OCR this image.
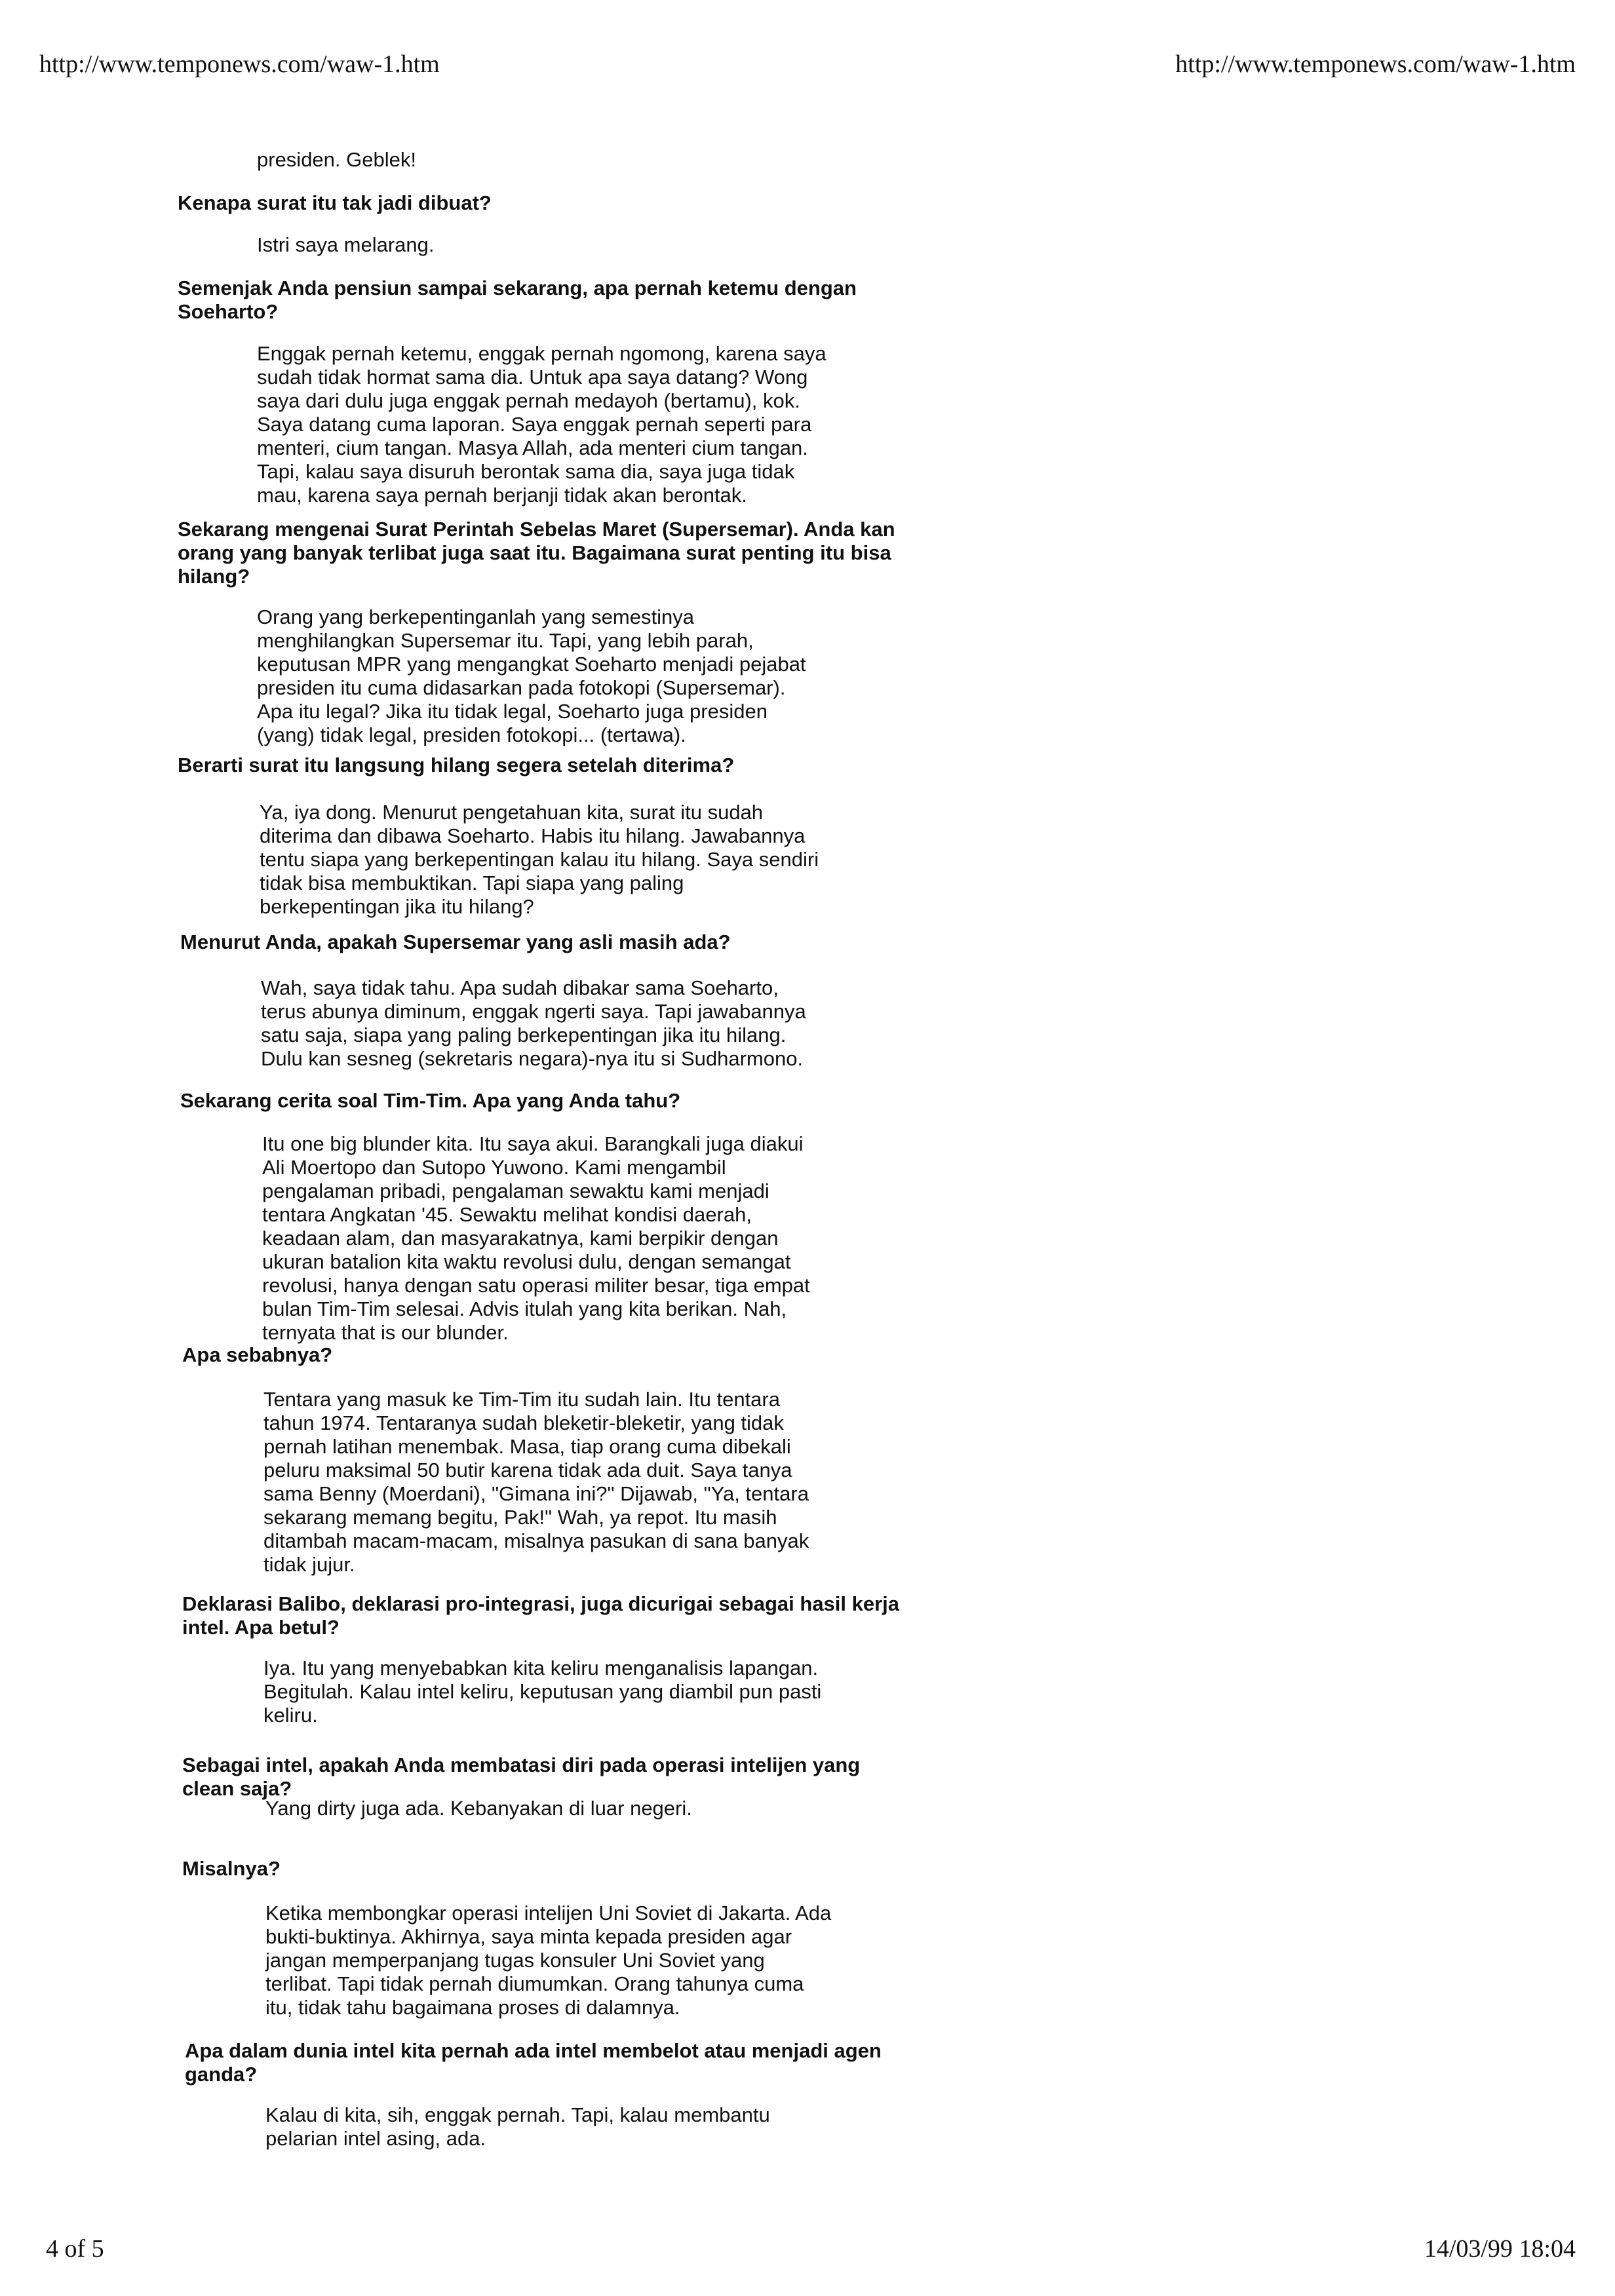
http://www.temponews.com/waw-1.htm	http://www.temponews.com/waw-1.htm
presiden. Geblek!
Kenapa surat itu tak jadi dibuat?
Istri saya melarang.
Semenjak Anda pensiun sampai sekarang, apa pernah ketemu dengan
Soeharto?
Enggak pernah ketemu, enggak pernah ngomong, karena saya
sudah tidak hormat sama dia. Untuk apa saya datang? Wong
saya dari dulu juga enggak pernah medayoh (bertamu), kok.
Saya datang cuma laporan. Saya enggak pernah seperti para
menteri, cium tangan. Masya Allah, ada menteri cium tangan.
Tapi, kalau saya disuruh berontak sama dia, saya juga tidak
mau, karena saya pernah berjanji tidak akan berontak.
Sekarang mengenai Surat Perintah Sebelas Maret (Supersemar). Anda kan
orang yang banyak terlibat juga saat itu. Bagaimana surat penting itu bisa
hilang?
Orang yang berkepentinganlah yang semestinya
menghilangkan Supersemar itu. Tapi, yang lebih parah,
keputusan MPR yang mengangkat Soeharto menjadi pejabat
presiden itu cuma didasarkan pada fotokopi (Supersemar).
Apa itu legal? Jika itu tidak legal, Soeharto juga presiden
(yang) tidak legal, presiden fotokopi... (tertawa).
Berarti surat itu langsung hilang segera setelah diterima?
Ya, iya dong. Menurut pengetahuan kita, surat itu sudah
diterima dan dibawa Soeharto. Habis itu hilang. Jawabannya
tentu siapa yang berkepentingan kalau itu hilang. Saya sendiri
tidak bisa membuktikan. Tapi siapa yang paling
berkepentingan jika itu hilang?
Menurut Anda, apakah Supersemar yang asli masih ada?
Wah, saya tidak tahu. Apa sudah dibakar sama Soeharto,
terus abunya diminum, enggak ngerti saya. Tapi jawabannya
satu saja, siapa yang paling berkepentingan jika itu hilang.
Dulu kan sesneg (sekretaris negara)-nya itu si Sudharmono.
Sekarang cerita soal Tim-Tim. Apa yang Anda tahu?
Itu one big blunder kita. Itu saya akui. Barangkali juga diakui
Ali Moertopo dan Sutopo Yuwono. Kami mengambil
pengalaman pribadi, pengalaman sewaktu kami menjadi
tentara Angkatan '45. Sewaktu melihat kondisi daerah,
keadaan alam, dan masyarakatnya, kami berpikir dengan
ukuran batalion kita waktu revolusi dulu, dengan semangat
revolusi, hanya dengan satu operasi militer besar, tiga empat
bulan Tim-Tim selesai. Advis itulah yang kita berikan. Nah,
ternyata that is our blunder.
Apa sebabnya?
Tentara yang masuk ke Tim-Tim itu sudah lain. Itu tentara
tahun 1974. Tentaranya sudah bleketir-bleketir, yang tidak
pernah latihan menembak. Masa, tiap orang cuma dibekali
peluru maksimal 50 butir karena tidak ada duit. Saya tanya
sama Benny (Moerdani), "Gimana ini?" Dijawab, "Ya, tentara
sekarang memang begitu, Pak!" Wah, ya repot. Itu masih
ditambah macam-macam, misalnya pasukan di sana banyak
tidak jujur.
Deklarasi Balibo, deklarasi pro-integrasi, juga dicurigai sebagai hasil kerja
intel. Apa betul?
Iya. Itu yang menyebabkan kita keliru menganalisis lapangan.
Begitulah. Kalau intel keliru, keputusan yang diambil pun pasti
keliru.
Sebagai intel, apakah Anda membatasi diri pada operasi intelijen yang
clean saja?
Yang dirty juga ada. Kebanyakan di luar negeri.
Misalnya?
Ketika membongkar operasi intelijen Uni Soviet di Jakarta. Ada
bukti-buktinya. Akhirnya, saya minta kepada presiden agar
jangan memperpanjang tugas konsuler Uni Soviet yang
terlibat. Tapi tidak pernah diumumkan. Orang tahunya cuma
itu, tidak tahu bagaimana proses di dalamnya.
Apa dalam dunia intel kita pernah ada intel membelot atau menjadi agen
ganda?
Kalau di kita, sih, enggak pernah. Tapi, kalau membantu
pelarian intel asing, ada.
4 of 5	14/03/99 18:04
